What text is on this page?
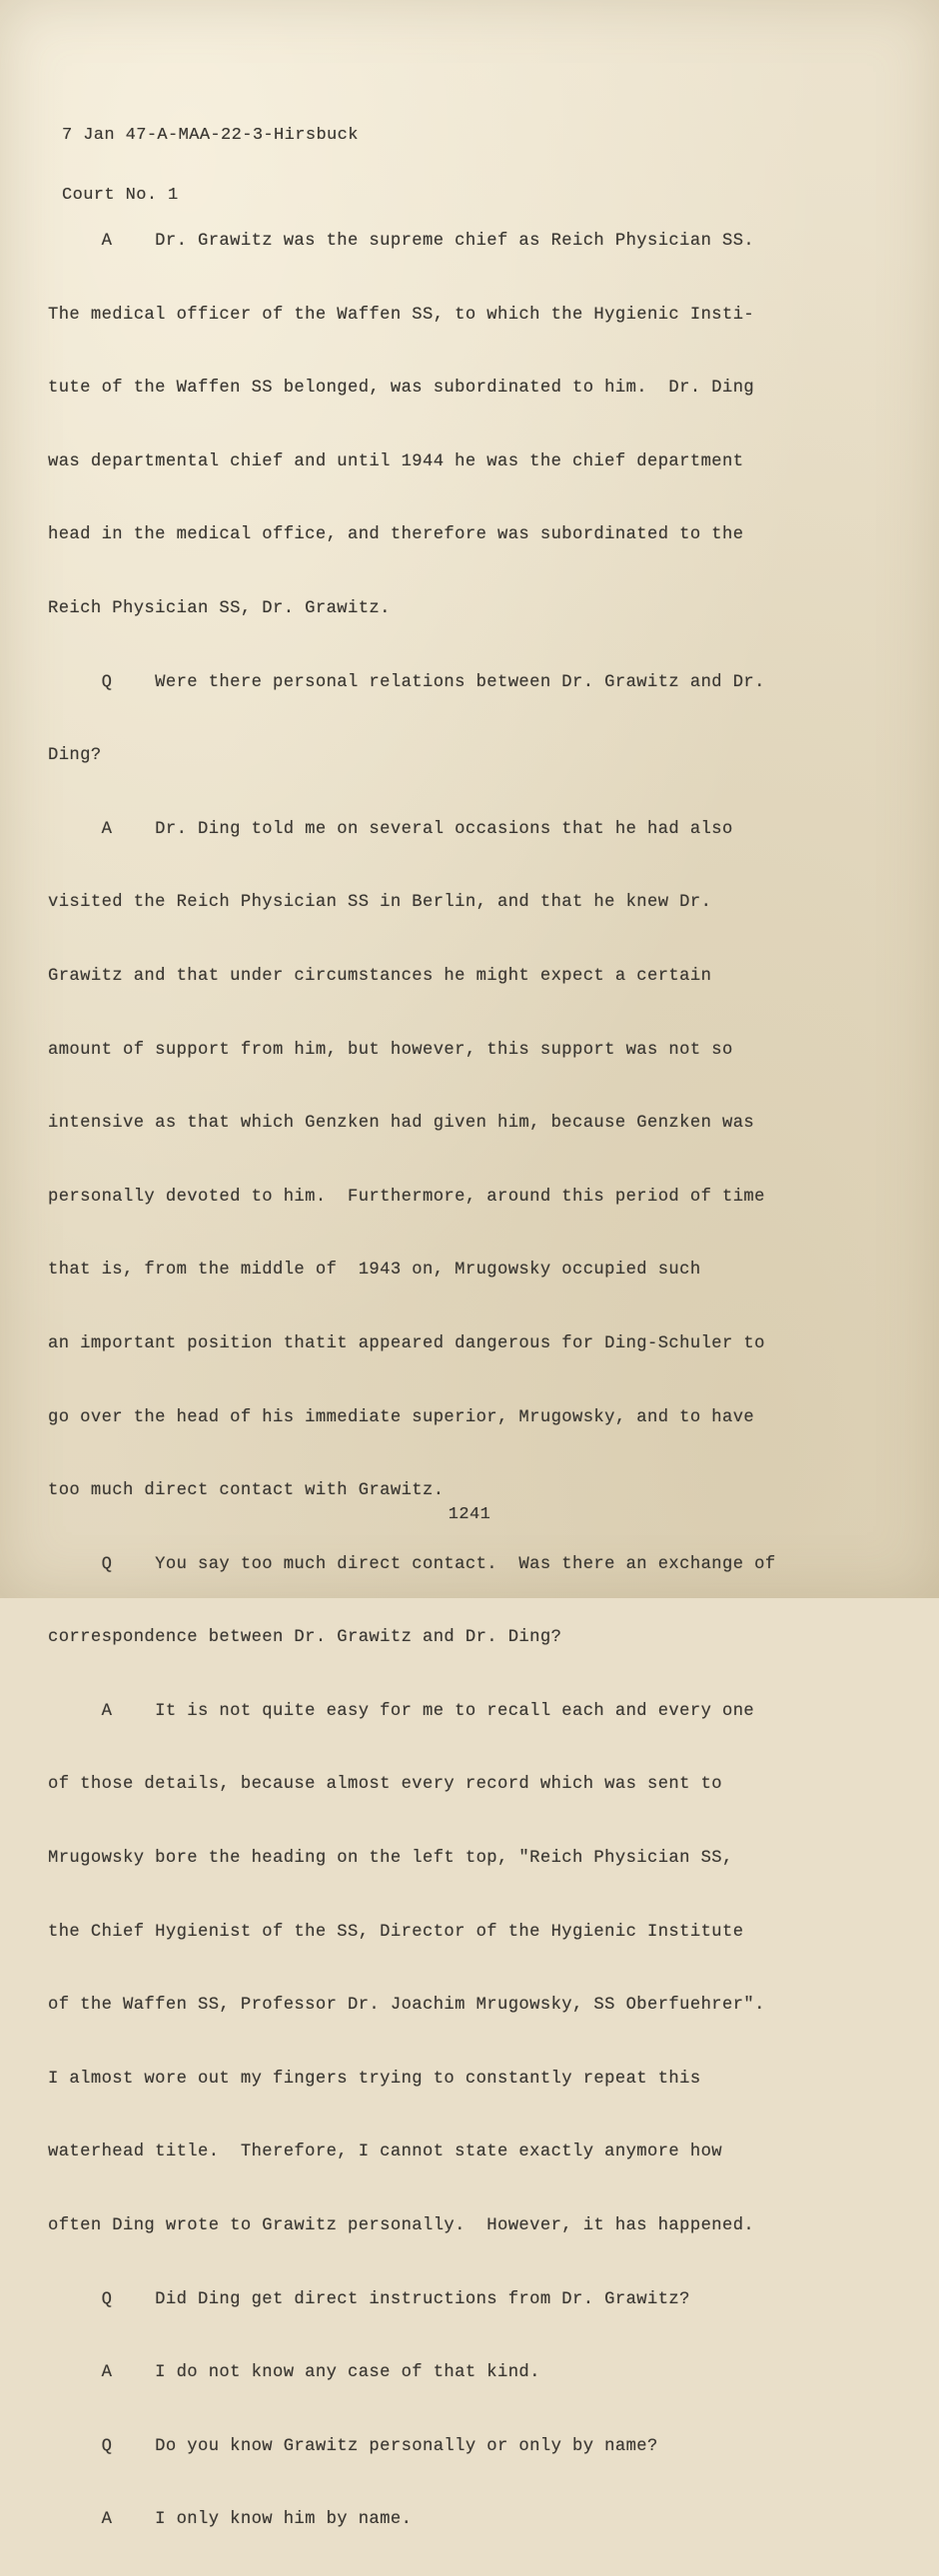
7 Jan 47-A-MAA-22-3-Hirsbuck

Court No. 1

A    Dr. Grawitz was the supreme chief as Reich Physician SS.

The medical officer of the Waffen SS, to which the Hygienic Insti-

tute of the Waffen SS belonged, was subordinated to him.  Dr. Ding

was departmental chief and until 1944 he was the chief department

head in the medical office, and therefore was subordinated to the

Reich Physician SS, Dr. Grawitz.

Q    Were there personal relations between Dr. Grawitz and Dr.

Ding?

A    Dr. Ding told me on several occasions that he had also

visited the Reich Physician SS in Berlin, and that he knew Dr.

Grawitz and that under circumstances he might expect a certain

amount of support from him, but however, this support was not so

intensive as that which Genzken had given him, because Genzken was

personally devoted to him.  Furthermore, around this period of time

that is, from the middle of  1943 on, Mrugowsky occupied such

an important position thatit appeared dangerous for Ding-Schuler to

go over the head of his immediate superior, Mrugowsky, and to have

too much direct contact with Grawitz.

Q    You say too much direct contact.  Was there an exchange of

correspondence between Dr. Grawitz and Dr. Ding?

A    It is not quite easy for me to recall each and every one

of those details, because almost every record which was sent to

Mrugowsky bore the heading on the left top, "Reich Physician SS,

the Chief Hygienist of the SS, Director of the Hygienic Institute

of the Waffen SS, Professor Dr. Joachim Mrugowsky, SS Oberfuehrer".

I almost wore out my fingers trying to constantly repeat this

waterhead title.  Therefore, I cannot state exactly anymore how

often Ding wrote to Grawitz personally.  However, it has happened.

Q    Did Ding get direct instructions from Dr. Grawitz?

A    I do not know any case of that kind.

Q    Do you know Grawitz personally or only by name?

A    I only know him by name.

1241
